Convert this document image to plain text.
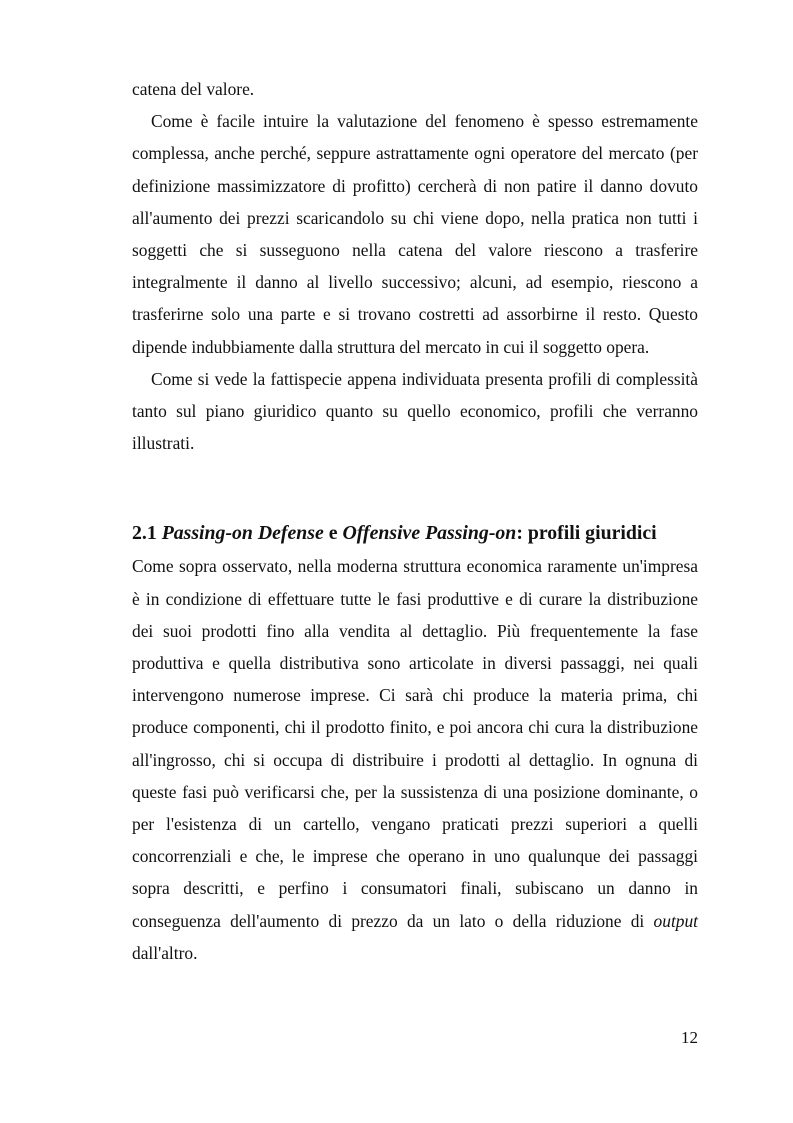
catena del valore.

Come è facile intuire la valutazione del fenomeno è spesso estremamente complessa, anche perché, seppure astrattamente ogni operatore del mercato (per definizione massimizzatore di profitto) cercherà di non patire il danno dovuto all'aumento dei prezzi scaricandolo su chi viene dopo, nella pratica non tutti i soggetti che si susseguono nella catena del valore riescono a trasferire integralmente il danno al livello successivo; alcuni, ad esempio, riescono a trasferirne solo una parte e si trovano costretti ad assorbirne il resto. Questo dipende indubbiamente dalla struttura del mercato in cui il soggetto opera.

Come si vede la fattispecie appena individuata presenta profili di complessità tanto sul piano giuridico quanto su quello economico, profili che verranno illustrati.

2.1 Passing-on Defense e Offensive Passing-on: profili giuridici

Come sopra osservato, nella moderna struttura economica raramente un'impresa è in condizione di effettuare tutte le fasi produttive e di curare la distribuzione dei suoi prodotti fino alla vendita al dettaglio. Più frequentemente la fase produttiva e quella distributiva sono articolate in diversi passaggi, nei quali intervengono numerose imprese. Ci sarà chi produce la materia prima, chi produce componenti, chi il prodotto finito, e poi ancora chi cura la distribuzione all'ingrosso, chi si occupa di distribuire i prodotti al dettaglio. In ognuna di queste fasi può verificarsi che, per la sussistenza di una posizione dominante, o per l'esistenza di un cartello, vengano praticati prezzi superiori a quelli concorrenziali e che, le imprese che operano in uno qualunque dei passaggi sopra descritti, e perfino i consumatori finali, subiscano un danno in conseguenza dell'aumento di prezzo da un lato o della riduzione di output dall'altro.

12
